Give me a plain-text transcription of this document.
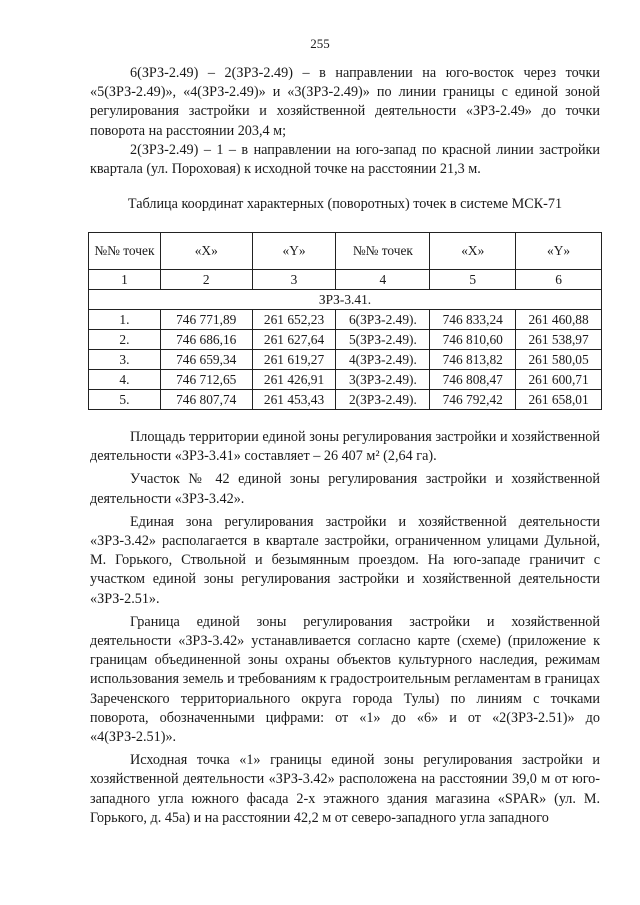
255

6(ЗРЗ-2.49) – 2(ЗРЗ-2.49) – в направлении на юго-восток через точки «5(ЗРЗ-2.49)», «4(ЗРЗ-2.49)» и «3(ЗРЗ-2.49)» по линии границы с единой зоной регулирования застройки и хозяйственной деятельности «ЗРЗ-2.49» до точки поворота на расстоянии 203,4 м;

2(ЗРЗ-2.49) – 1 – в направлении на юго-запад по красной линии застройки квартала (ул. Пороховая) к исходной точке на расстоянии 21,3 м.

Таблица координат характерных (поворотных) точек в системе МСК-71
№№ точек	«X»	«Y»	№№ точек	«X»	«Y»
1	2	3	4	5	6
ЗРЗ-3.41.					
1.	746 771,89	261 652,23	6(ЗРЗ-2.49).	746 833,24	261 460,88
2.	746 686,16	261 627,64	5(ЗРЗ-2.49).	746 810,60	261 538,97
3.	746 659,34	261 619,27	4(ЗРЗ-2.49).	746 813,82	261 580,05
4.	746 712,65	261 426,91	3(ЗРЗ-2.49).	746 808,47	261 600,71
5.	746 807,74	261 453,43	2(ЗРЗ-2.49).	746 792,42	261 658,01

Площадь территории единой зоны регулирования застройки и хозяйственной деятельности «ЗРЗ-3.41» составляет – 26 407 м² (2,64 га).

Участок № 42 единой зоны регулирования застройки и хозяйственной деятельности «ЗРЗ-3.42».

Единая зона регулирования застройки и хозяйственной деятельности «ЗРЗ-3.42» располагается в квартале застройки, ограниченном улицами Дульной, М. Горького, Ствольной и безымянным проездом. На юго-западе граничит с участком единой зоны регулирования застройки и хозяйственной деятельности «ЗРЗ-2.51».

Граница единой зоны регулирования застройки и хозяйственной деятельности «ЗРЗ-3.42» устанавливается согласно карте (схеме) (приложение к границам объединенной зоны охраны объектов культурного наследия, режимам использования земель и требованиям к градостроительным регламентам в границах Зареченского территориального округа города Тулы) по линиям с точками поворота, обозначенными цифрами: от «1» до «6» и от «2(ЗРЗ-2.51)» до «4(ЗРЗ-2.51)».

Исходная точка «1» границы единой зоны регулирования застройки и хозяйственной деятельности «ЗРЗ-3.42» расположена на расстоянии 39,0 м от юго-западного угла южного фасада 2-х этажного здания магазина «SPAR» (ул. М. Горького, д. 45а) и на расстоянии 42,2 м от северо-западного угла западного
